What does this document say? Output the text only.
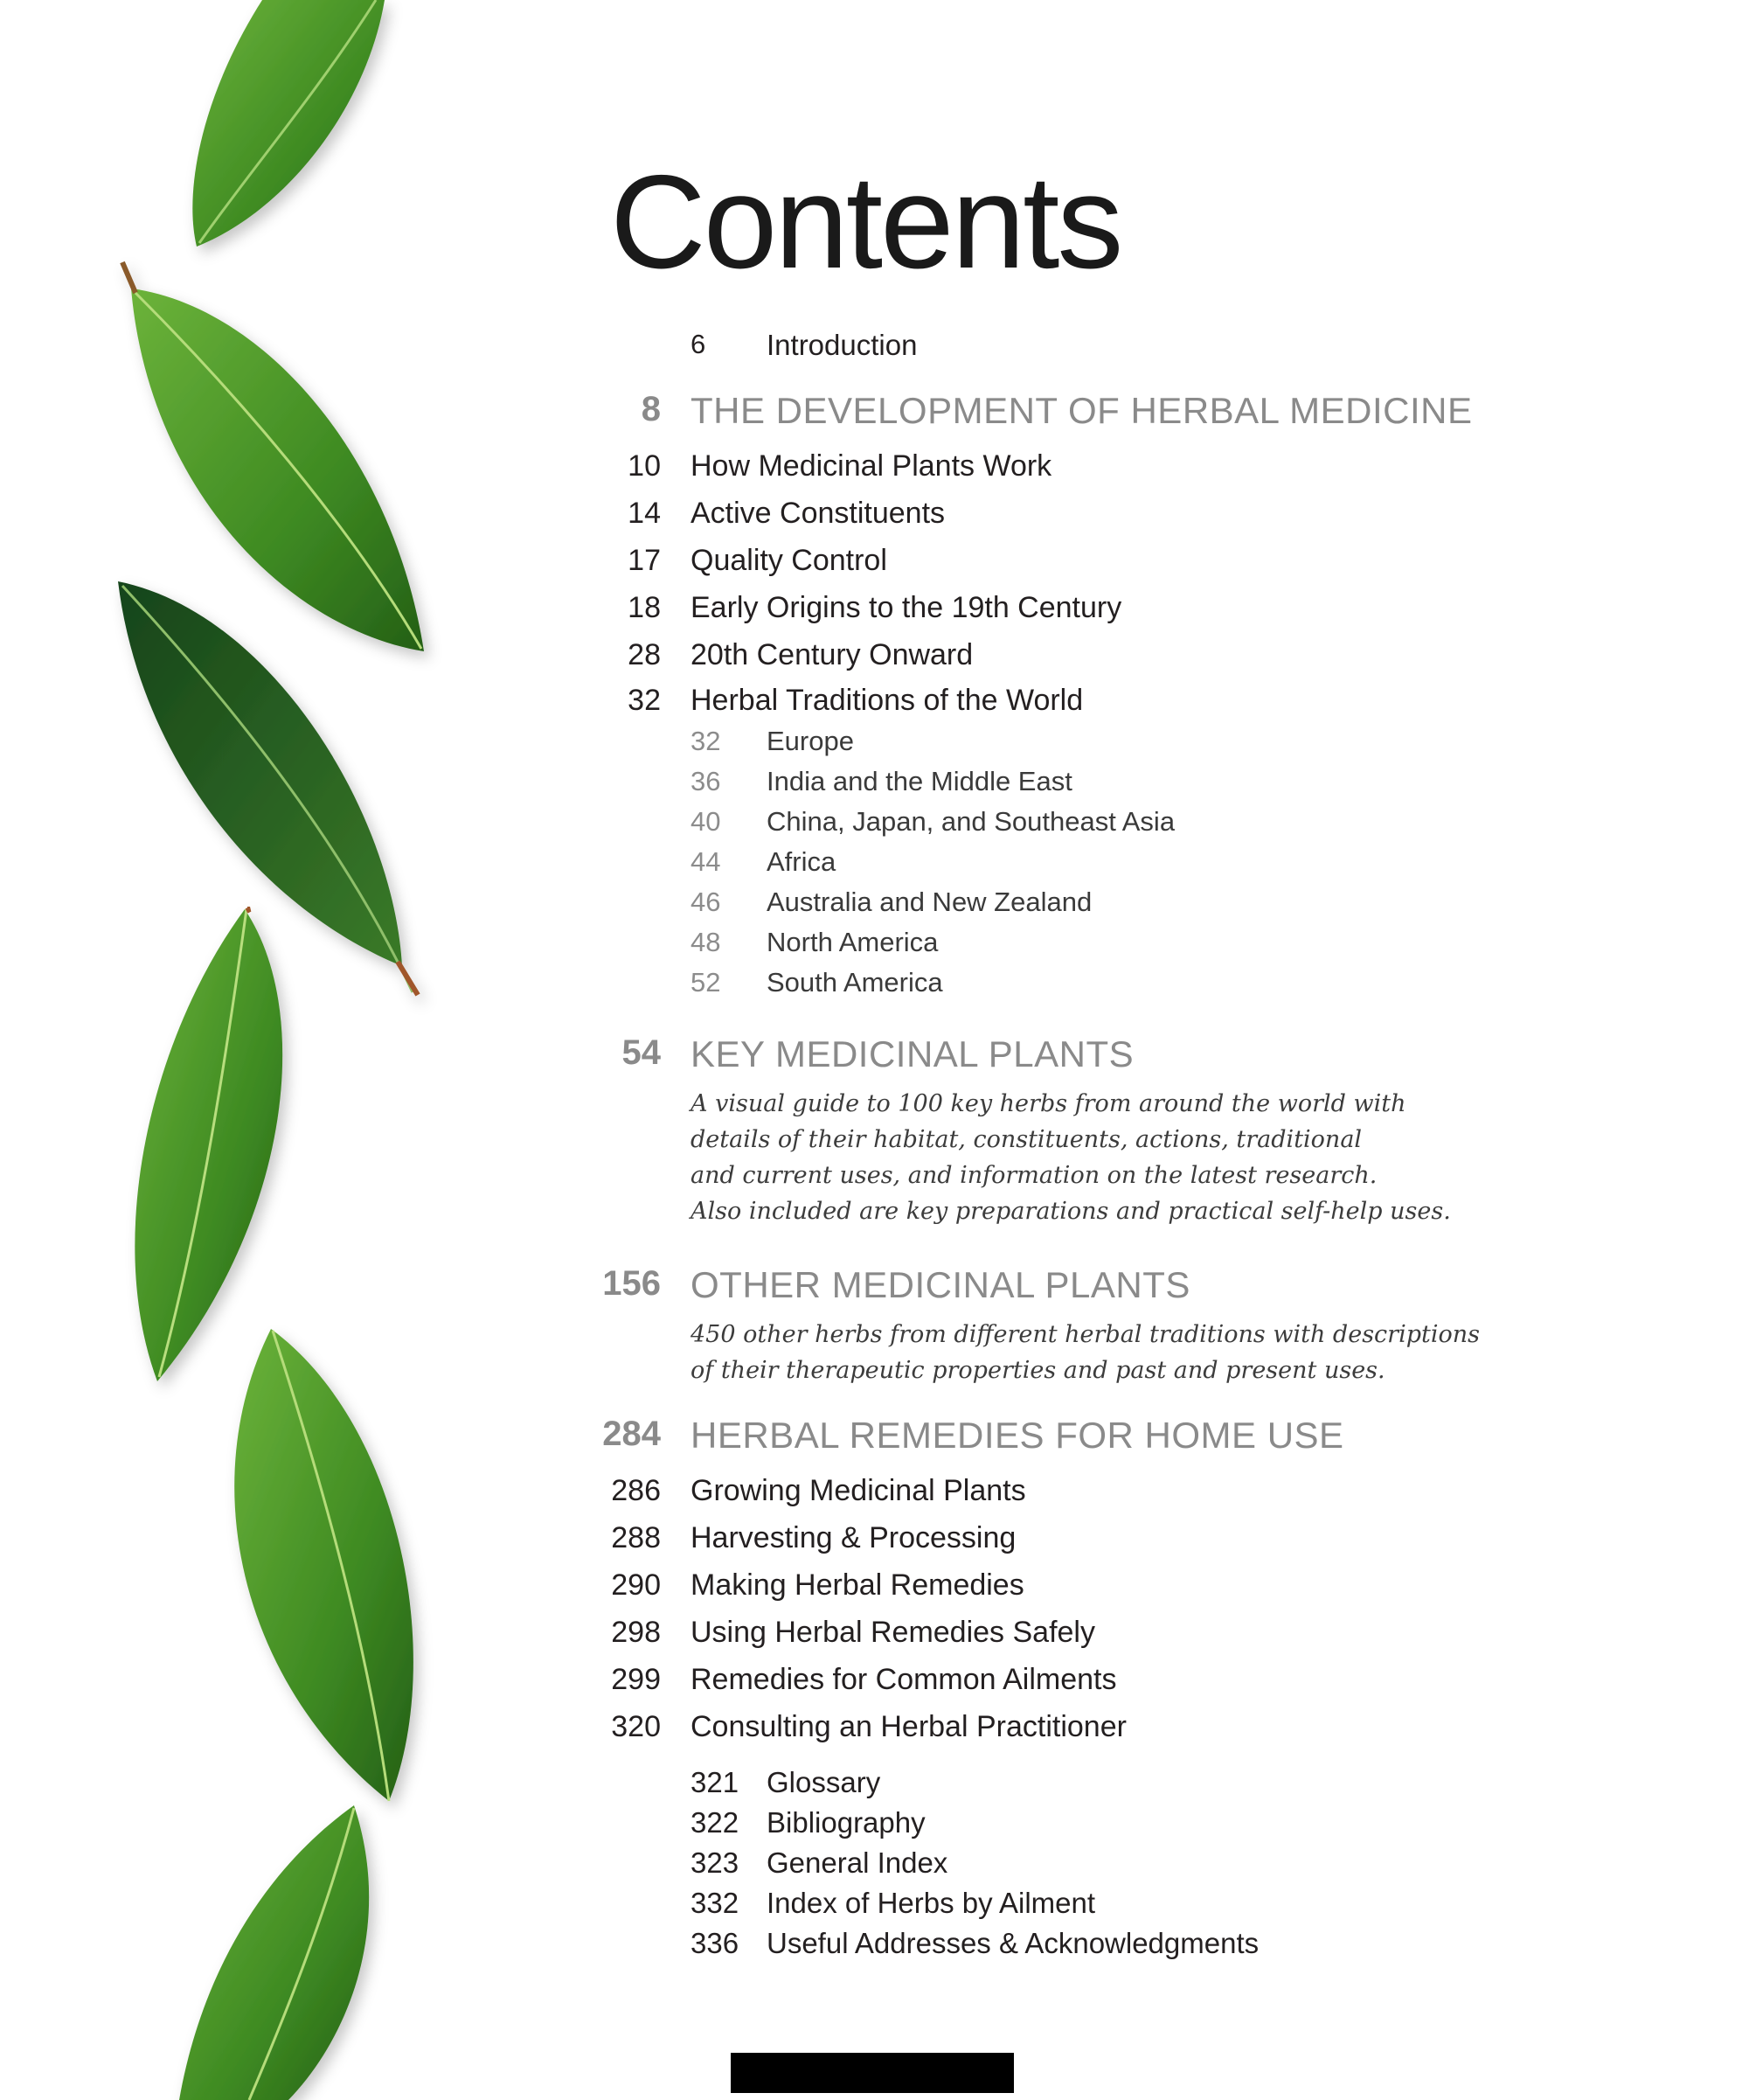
Contents
6 Introduction
8 THE DEVELOPMENT OF HERBAL MEDICINE
10 How Medicinal Plants Work
14 Active Constituents
17 Quality Control
18 Early Origins to the 19th Century
28 20th Century Onward
32 Herbal Traditions of the World
32 Europe
36 India and the Middle East
40 China, Japan, and Southeast Asia
44 Africa
46 Australia and New Zealand
48 North America
52 South America
54 KEY MEDICINAL PLANTS
A visual guide to 100 key herbs from around the world with
details of their habitat, constituents, actions, traditional
and current uses, and information on the latest research.
Also included are key preparations and practical self-help uses.
156 OTHER MEDICINAL PLANTS
450 other herbs from different herbal traditions with descriptions
of their therapeutic properties and past and present uses.
284 HERBAL REMEDIES FOR HOME USE
286 Growing Medicinal Plants
288 Harvesting & Processing
290 Making Herbal Remedies
298 Using Herbal Remedies Safely
299 Remedies for Common Ailments
320 Consulting an Herbal Practitioner
321 Glossary
322 Bibliography
323 General Index
332 Index of Herbs by Ailment
336 Useful Addresses & Acknowledgments
